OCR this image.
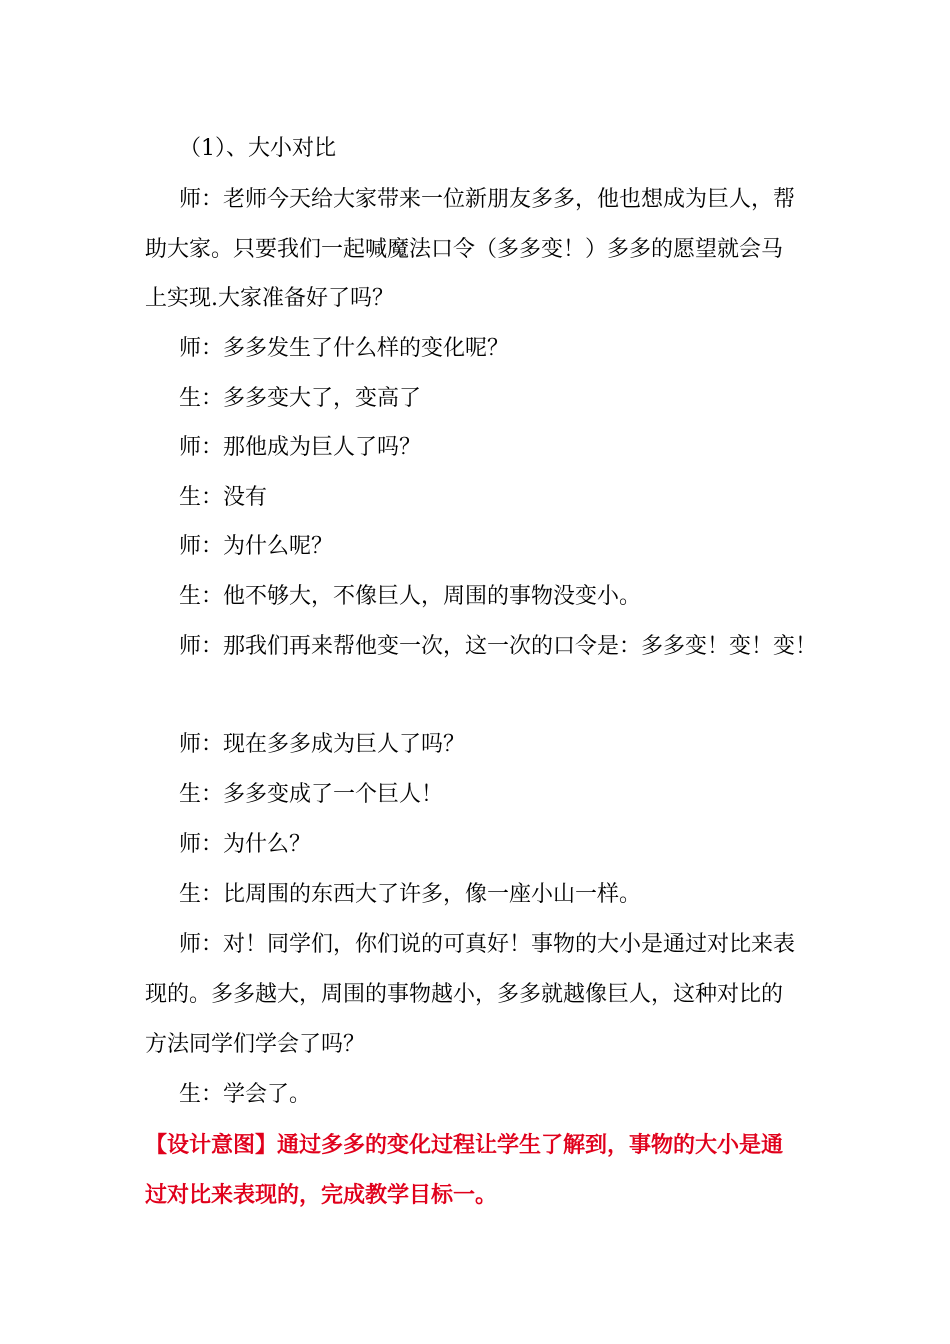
（1）、大小对比
师：老师今天给大家带来一位新朋友多多，他也想成为巨人，帮
助大家。只要我们一起喊魔法口令（多多变！）多多的愿望就会马
上实现.大家准备好了吗？
师：多多发生了什么样的变化呢？
生：多多变大了，变高了
师：那他成为巨人了吗？
生：没有
师：为什么呢？
生：他不够大，不像巨人，周围的事物没变小。
师：那我们再来帮他变一次，这一次的口令是：多多变！变！变！
师：现在多多成为巨人了吗？
生：多多变成了一个巨人！
师：为什么？
生：比周围的东西大了许多，像一座小山一样。
师：对！同学们，你们说的可真好！事物的大小是通过对比来表
现的。多多越大，周围的事物越小，多多就越像巨人，这种对比的
方法同学们学会了吗？
生：学会了。
【设计意图】通过多多的变化过程让学生了解到，事物的大小是通
过对比来表现的，完成教学目标一。
